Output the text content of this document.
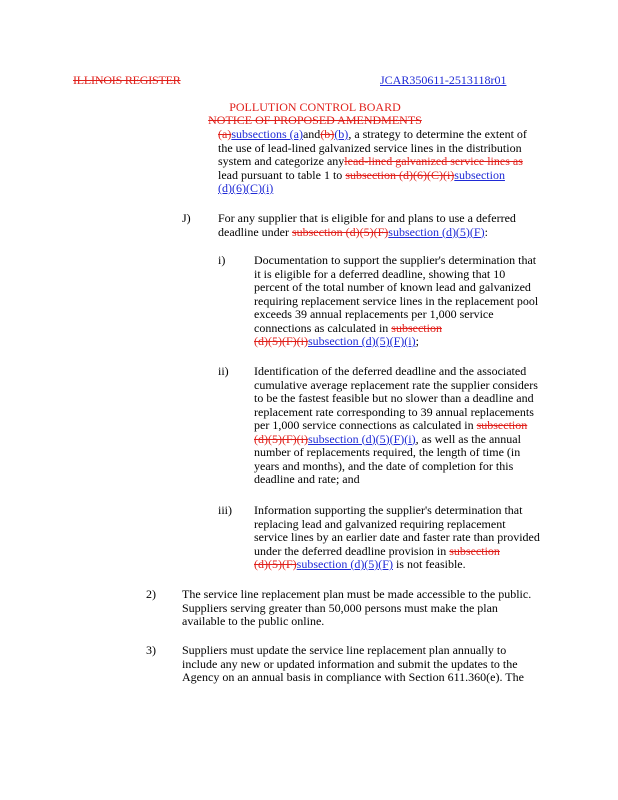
ILLINOIS REGISTER	JCAR350611-2513118r01
POLLUTION CONTROL BOARD
NOTICE OF PROPOSED AMENDMENTS
(a)subsections (a)and(b)(b), a strategy to determine the extent of
the use of lead-lined galvanized service lines in the distribution
system and categorize anylead-lined galvanized service lines as
lead pursuant to table 1 to subsection (d)(6)(C)(i)subsection
(d)(6)(C)(i)
J) For any supplier that is eligible for and plans to use a deferred
deadline under subsection (d)(5)(F)subsection (d)(5)(F):
i) Documentation to support the supplier's determination that
it is eligible for a deferred deadline, showing that 10
percent of the total number of known lead and galvanized
requiring replacement service lines in the replacement pool
exceeds 39 annual replacements per 1,000 service
connections as calculated in subsection
(d)(5)(F)(i)subsection (d)(5)(F)(i);
ii) Identification of the deferred deadline and the associated
cumulative average replacement rate the supplier considers
to be the fastest feasible but no slower than a deadline and
replacement rate corresponding to 39 annual replacements
per 1,000 service connections as calculated in subsection
(d)(5)(F)(i)subsection (d)(5)(F)(i), as well as the annual
number of replacements required, the length of time (in
years and months), and the date of completion for this
deadline and rate; and
iii) Information supporting the supplier's determination that
replacing lead and galvanized requiring replacement
service lines by an earlier date and faster rate than provided
under the deferred deadline provision in subsection
(d)(5)(F)subsection (d)(5)(F) is not feasible.
2) The service line replacement plan must be made accessible to the public.
Suppliers serving greater than 50,000 persons must make the plan
available to the public online.
3) Suppliers must update the service line replacement plan annually to
include any new or updated information and submit the updates to the
Agency on an annual basis in compliance with Section 611.360(e). The
